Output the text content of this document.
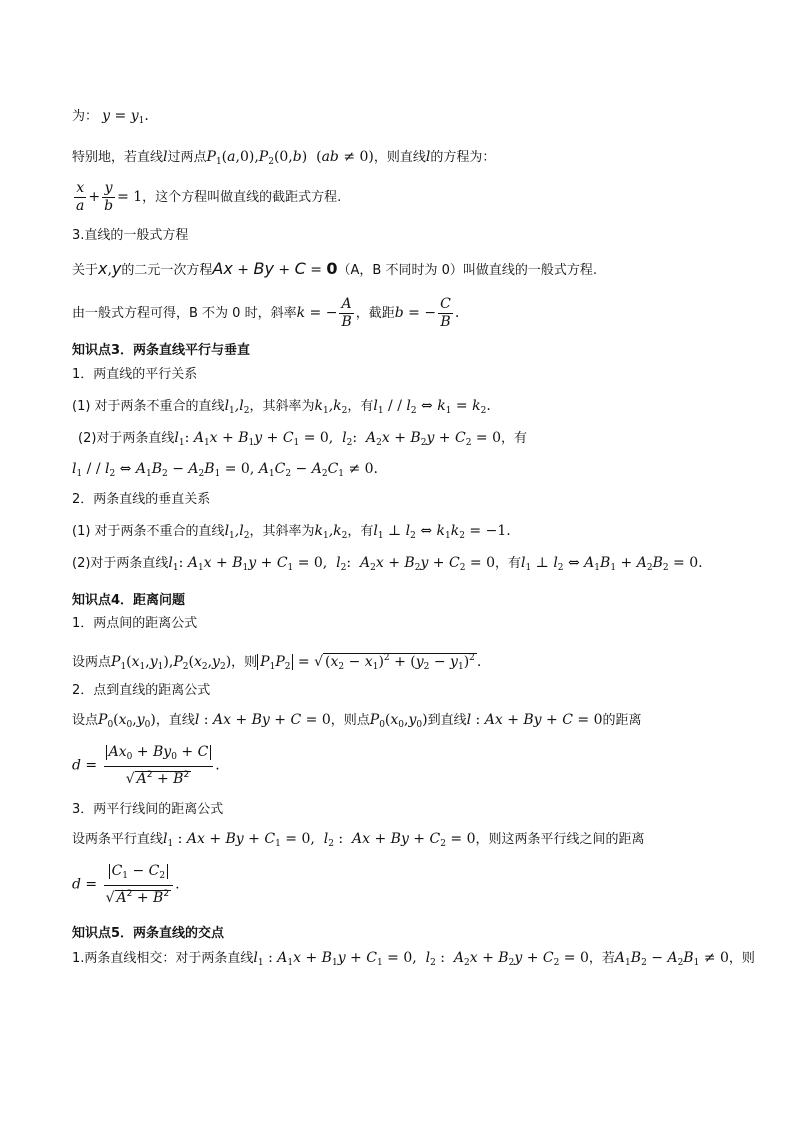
为： $y = y_1$.
特别地，若直线l过两点$P_1(a,0),P_2(0,b) (ab \ne 0)$，则直线l的方程为：
$\frac{x}{a} + \frac{y}{b} = 1$，这个方程叫做直线的截距式方程.
3.直线的一般式方程
关于x,y的二元一次方程Ax + By + C = 0（A，B 不同时为 0）叫做直线的一般式方程.
由一般式方程可得，B 不为 0 时，斜率k = − $\frac{A}{B}$ ，截距b = − $\frac{C}{B}$ .
知识点3．两条直线平行与垂直
1．两直线的平行关系
(1) 对于两条不重合的直线$l_1,l_2$，其斜率为$k_1,k_2$，有$l_1$ / / $l_2$ ⇔ $k_1 = k_2$.
(2)对于两条直线$l_1$: $A_1x + B_1y + C_1 = 0$,  $l_2$:  $A_2x + B_2y + C_2 = 0$，有
$l_1$ / / $l_2$ ⇔ $A_1B_2 - A_2B_1 = 0$, $A_1C_2 - A_2C_1 \ne 0$.
2．两条直线的垂直关系
(1) 对于两条不重合的直线$l_1,l_2$，其斜率为$k_1,k_2$，有$l_1$ ⊥ $l_2$ ⇔ $k_1k_2 = -1$.
(2)对于两条直线$l_1$: $A_1x + B_1y + C_1 = 0$,  $l_2$:  $A_2x + B_2y + C_2 = 0$，有$l_1$ ⊥ $l_2$ ⇔ $A_1B_1 + A_2B_2 = 0$.
知识点4．距离问题
1．两点间的距离公式
设两点$P_1(x_1,y_1),P_2(x_2,y_2)$，则 $P_1P_2$ = √ $(x_2 - x_1)^2 + (y_2 - y_1)^2$ .
2．点到直线的距离公式
设点$P_0(x_0,y_0)$，直线l : Ax + By + C = 0，则点$P_0(x_0,y_0)$到直线l : Ax + By + C = 0的距离
$d = \frac{Ax_0 + By_0 + C}{√ A^2 + B^2}$ .
3．两平行线间的距离公式
设两条平行直线$l_1$ : $Ax + By + C_1 = 0$,  $l_2$ :  $Ax + By + C_2 = 0$，则这两条平行线之间的距离
$d = \frac{C_1 - C_2}{√ A^2 + B^2}$ .
知识点5．两条直线的交点
1.两条直线相交：对于两条直线$l_1$ : $A_1x + B_1y + C_1 = 0$,  $l_2$ :  $A_2x + B_2y + C_2 = 0$，若$A_1B_2 - A_2B_1 \ne 0$，则
